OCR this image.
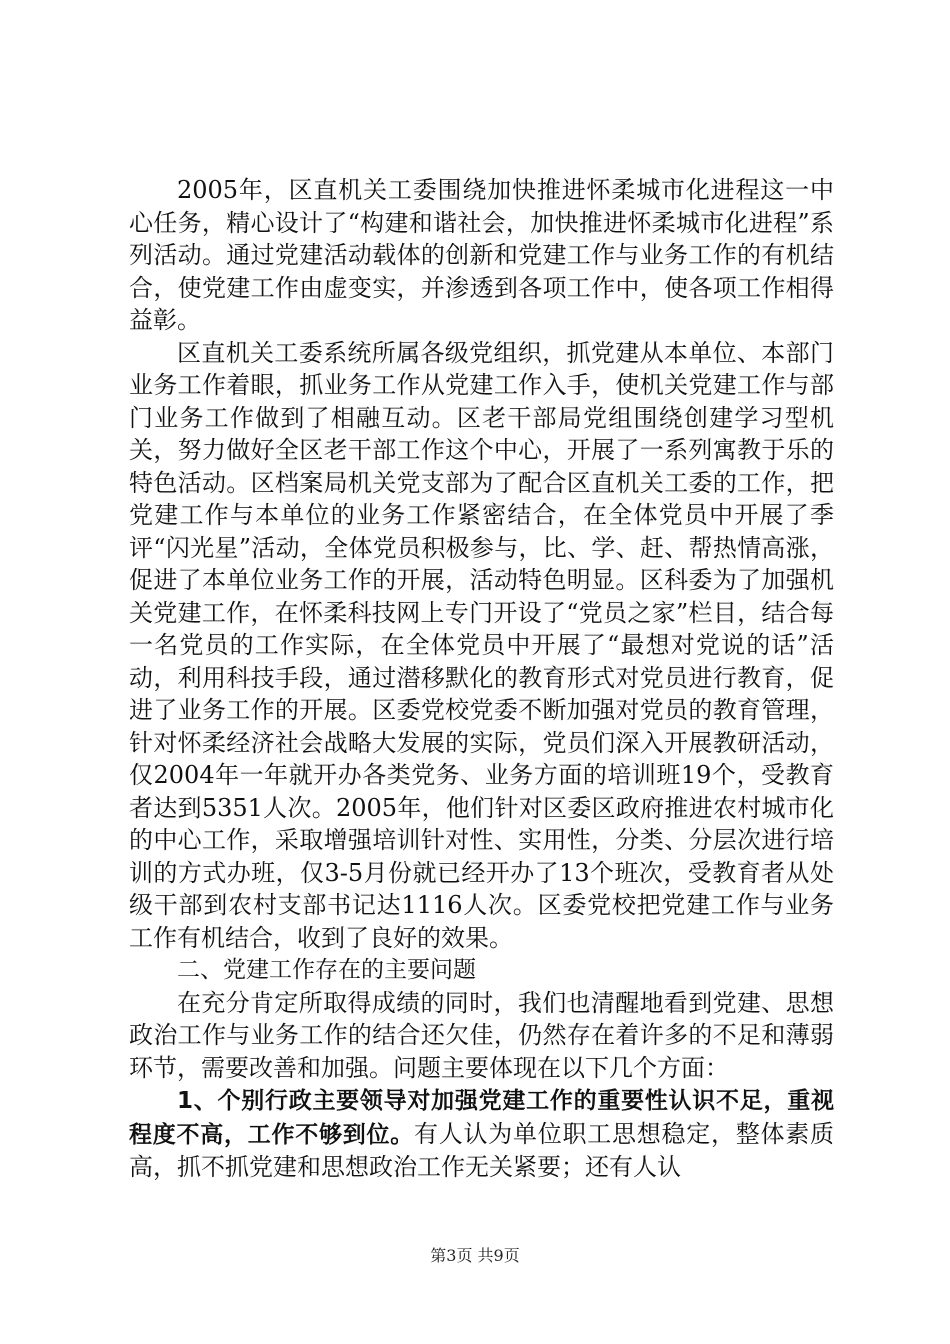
2005年，区直机关工委围绕加快推进怀柔城市化进程这一中心任务，精心设计了“构建和谐社会，加快推进怀柔城市化进程”系列活动。通过党建活动载体的创新和党建工作与业务工作的有机结合，使党建工作由虚变实，并渗透到各项工作中，使各项工作相得益彰。

区直机关工委系统所属各级党组织，抓党建从本单位、本部门业务工作着眼，抓业务工作从党建工作入手，使机关党建工作与部门业务工作做到了相融互动。区老干部局党组围绕创建学习型机关，努力做好全区老干部工作这个中心，开展了一系列寓教于乐的特色活动。区档案局机关党支部为了配合区直机关工委的工作，把党建工作与本单位的业务工作紧密结合，在全体党员中开展了季评“闪光星”活动，全体党员积极参与，比、学、赶、帮热情高涨，促进了本单位业务工作的开展，活动特色明显。区科委为了加强机关党建工作，在怀柔科技网上专门开设了“党员之家”栏目，结合每一名党员的工作实际，在全体党员中开展了“最想对党说的话”活动，利用科技手段，通过潜移默化的教育形式对党员进行教育，促进了业务工作的开展。区委党校党委不断加强对党员的教育管理，针对怀柔经济社会战略大发展的实际，党员们深入开展教研活动，仅2004年一年就开办各类党务、业务方面的培训班19个，受教育者达到5351人次。2005年，他们针对区委区政府推进农村城市化的中心工作，采取增强培训针对性、实用性，分类、分层次进行培训的方式办班，仅3-5月份就已经开办了13个班次，受教育者从处级干部到农村支部书记达1116人次。区委党校把党建工作与业务工作有机结合，收到了良好的效果。

二、党建工作存在的主要问题

在充分肯定所取得成绩的同时，我们也清醒地看到党建、思想政治工作与业务工作的结合还欠佳，仍然存在着许多的不足和薄弱环节，需要改善和加强。问题主要体现在以下几个方面：

1、个别行政主要领导对加强党建工作的重要性认识不足，重视程度不高，工作不够到位。有人认为单位职工思想稳定，整体素质高，抓不抓党建和思想政治工作无关紧要；还有人认

第3页 共9页
